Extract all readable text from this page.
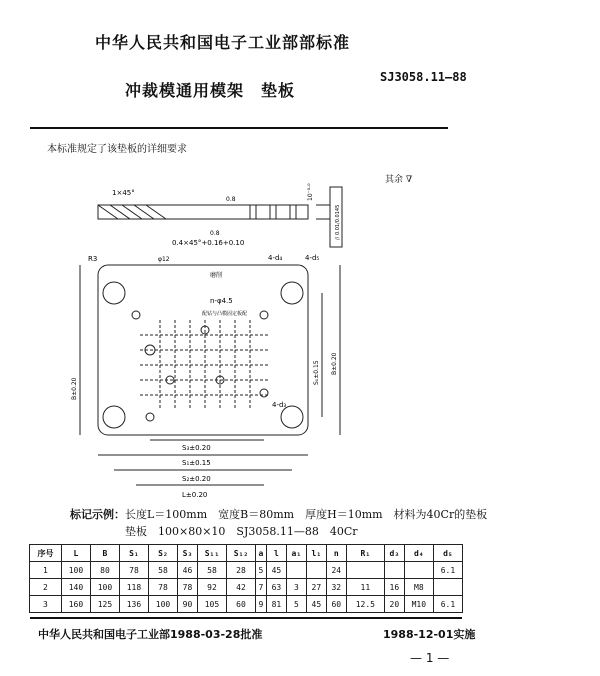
中华人民共和国电子工业部部标准
冲裁模通用模架　垫板
SJ3058.11—88
本标准规定了该垫板的详细要求
其余 ∇
1×45°
0.8
0.8
10⁻⁰·⁰
// 0.01/0.0145
0.4×45°+0.16+0.10
R3	φ12
磨削
4-d₄	4-d₅
n-φ4.5
配钻与凸模固定板配
B±0.20
S₁±0.15
B±0.20
4-d₃
S₃±0.20
S₁±0.15
S₂±0.20
L±0.20
标记示例：长度L＝100mm　宽度B＝80mm　厚度H＝10mm　材料为40Cr的垫板
垫板　100×80×10　SJ3058.11—88　40Cr
序号	L	B	S₁	S₂	S₃	S₁₁	S₁₂	a	l	a₁	l₁	n	R₁	d₃	d₄	d₅
1	100	80	78	58	46	58	28	5	45			24				6.1
2	140	100	118	78	78	92	42	7	63	3	27	32	11	16	M8	
3	160	125	136	100	90	105	60	9	81	5	45	60	12.5	20	M10	6.1
中华人民共和国电子工业部1988-03-28批准	1988-12-01实施
— 1 —
